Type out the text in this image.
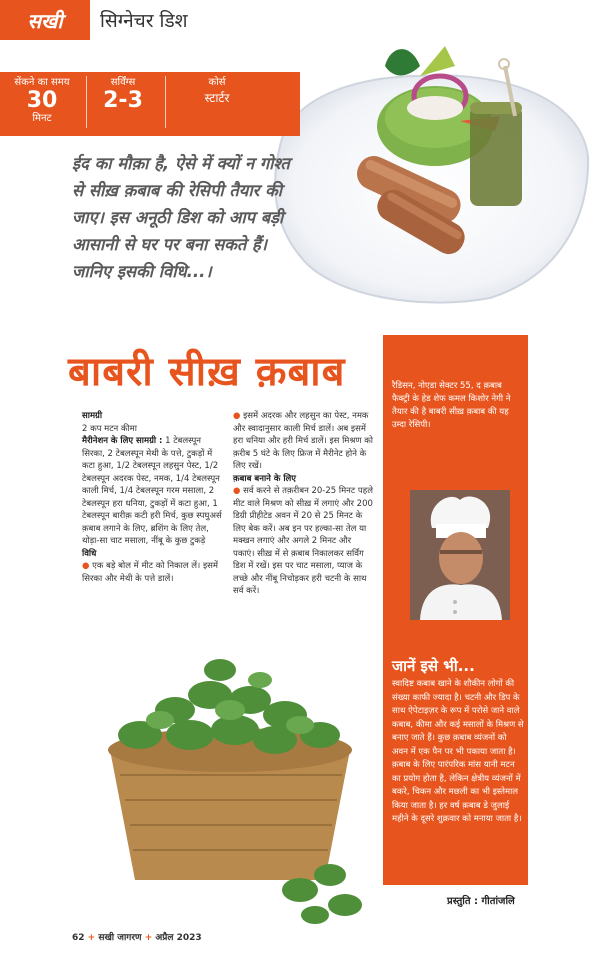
सखी	सिग्नेचर डिश
सेंकने का समय
30
मिनट
सर्विंग्स
2-3
कोर्स
स्टार्टर
ईद का मौक़ा है, ऐसे में क्यों न गोश्त से सीख़ क़बाब की रेसिपी तैयार की जाए। इस अनूठी डिश को आप बड़ी आसानी से घर पर बना सकते हैं। जानिए इसकी विधि...।
बाबरी सीख़ क़बाब	रैडिसन, नोएडा सेक्टर 55, द क़बाब फैक्ट्री के हेड शेफ कमल किशोर नेगी ने तैयार की है बाबरी सीख़ क़बाब की यह उम्दा रेसिपी।
जानें इसे भी...
स्वादिष्ट कबाब खाने के शौकीन लोगों की संख्या काफी ज्यादा है। चटनी और डिप के साथ ऐपेटाइज़र के रूप में परोसे जाने वाले कबाब, कीमा और कई मसालों के मिश्रण से बनाए जाते हैं। कुछ क़बाब व्यंजनों को अवन में एक पैन पर भी पकाया जाता है। क़बाब के लिए पारंपरिक मांस यानी मटन का प्रयोग होता है, लेकिन क्षेत्रीय व्यंजनों में बकरे, चिकन और मछली का भी इस्तेमाल किया जाता है। हर वर्ष क़बाब डे जुलाई महीने के दूसरे शुक्रवार को मनाया जाता है।
सामग्री
2 कप मटन कीमा
मैरीनेशन के लिए सामग्री : 1 टेबलस्पून सिरका, 2 टेबलस्पून मेथी के पत्ते, टुकड़ों में कटा हुआ, 1/2 टेबलस्पून लहसुन पेस्ट, 1/2 टेबलस्पून अदरक पेस्ट, नमक, 1/4 टेबलस्पून काली मिर्च, 1/4 टेबलस्पून गरम मसाला, 2 टेबलस्पून हरा धनिया, टुकड़ों में कटा हुआ, 1 टेबलस्पून बारीक़ कटी हरी मिर्च, कुछ स्पघुअर्स क़बाब लगाने के लिए, ब्रशिंग के लिए तेल, थोड़ा-सा चाट मसाला, नींबू के कुछ टुकड़े
विधि
● एक बड़े बोल में मीट को निकाल लें। इसमें सिरका और मेथी के पत्ते डालें।
● इसमें अदरक और लहसुन का पेस्ट, नमक और स्वादानुसार काली मिर्च डालें। अब इसमें हरा धनिया और हरी मिर्च डालें। इस मिश्रण को क़रीब 5 घंटे के लिए फ्रिज में मैरीनेट होने के लिए रखें।
क़बाब बनाने के लिए
● सर्व करने से तक़रीबन 20-25 मिनट पहले मीट वाले मिश्रण को सीख़ में लगाएं और 200 डिग्री प्रीहीटेड अवन में 20 से 25 मिनट के लिए बेक करें। अब इन पर हल्का-सा तेल या मक्खन लगाएं और अगले 2 मिनट और पकाएं। सीख़ में से क़बाब निकालकर सर्विंग डिश में रखें। इस पर चाट मसाला, प्याज के लच्छे और नींबू निचोड़कर हरी चटनी के साथ सर्व करें।
प्रस्तुति : गीतांजलि
62 + सखी जागरण + अप्रैल 2023
